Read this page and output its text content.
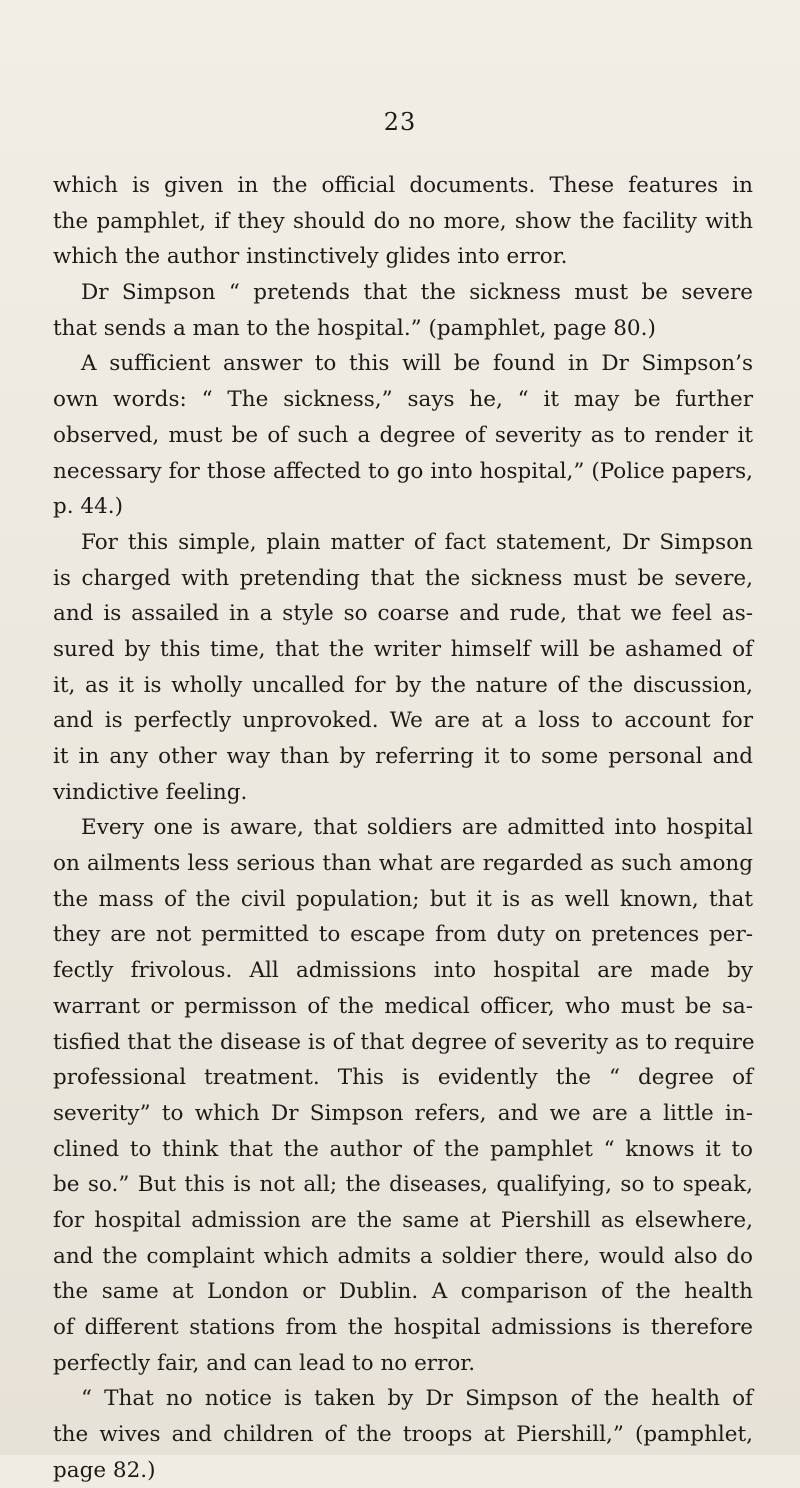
23
which is given in the official documents. These features in
the pamphlet, if they should do no more, show the facility with
which the author instinctively glides into error.
Dr Simpson “ pretends that the sickness must be severe
that sends a man to the hospital.” (pamphlet, page 80.)
A sufficient answer to this will be found in Dr Simpson’s
own words: “ The sickness,” says he, “ it may be further
observed, must be of such a degree of severity as to render it
necessary for those affected to go into hospital,” (Police papers,
p. 44.)
For this simple, plain matter of fact statement, Dr Simpson
is charged with pretending that the sickness must be severe,
and is assailed in a style so coarse and rude, that we feel as-
sured by this time, that the writer himself will be ashamed of
it, as it is wholly uncalled for by the nature of the discussion,
and is perfectly unprovoked. We are at a loss to account for
it in any other way than by referring it to some personal and
vindictive feeling.
Every one is aware, that soldiers are admitted into hospital
on ailments less serious than what are regarded as such among
the mass of the civil population; but it is as well known, that
they are not permitted to escape from duty on pretences per-
fectly frivolous. All admissions into hospital are made by
warrant or permisson of the medical officer, who must be sa-
tisfied that the disease is of that degree of severity as to require
professional treatment. This is evidently the “ degree of
severity” to which Dr Simpson refers, and we are a little in-
clined to think that the author of the pamphlet “ knows it to
be so.” But this is not all; the diseases, qualifying, so to speak,
for hospital admission are the same at Piershill as elsewhere,
and the complaint which admits a soldier there, would also do
the same at London or Dublin. A comparison of the health
of different stations from the hospital admissions is therefore
perfectly fair, and can lead to no error.
“ That no notice is taken by Dr Simpson of the health of
the wives and children of the troops at Piershill,” (pamphlet,
page 82.)
